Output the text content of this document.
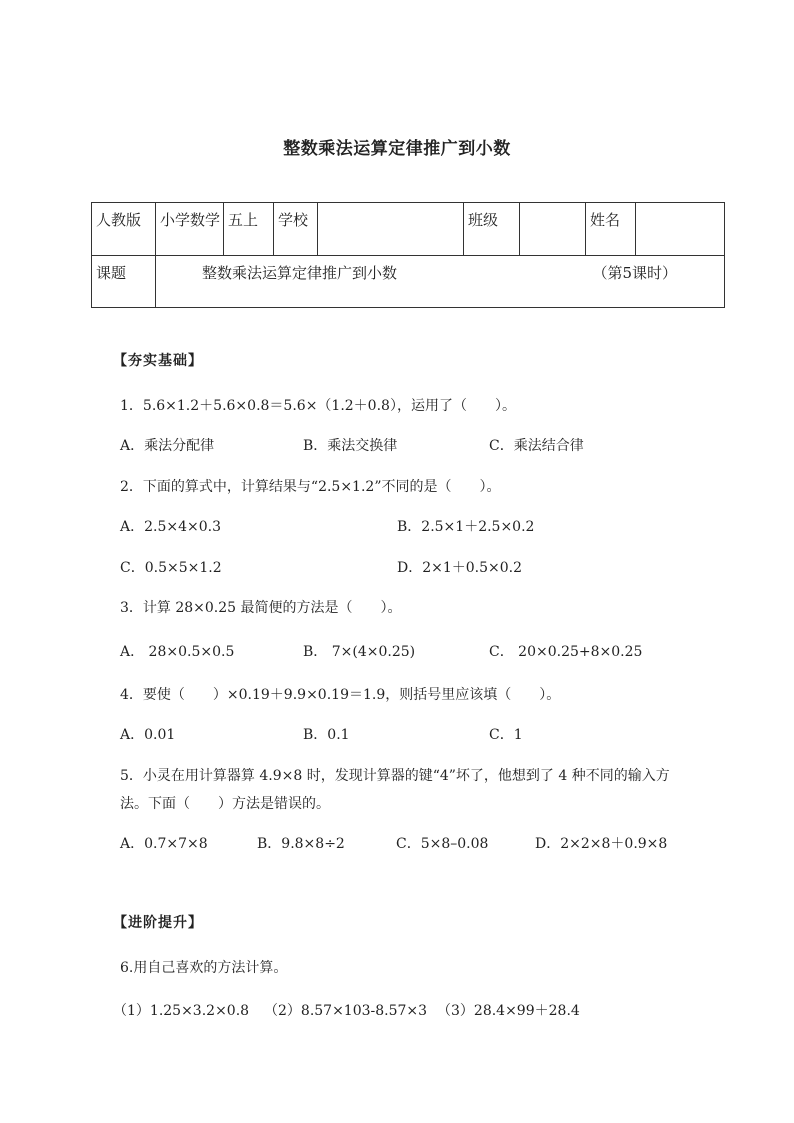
整数乘法运算定律推广到小数
人教版	小学数学	五上	学校		班级		姓名	
课题	整数乘法运算定律推广到小数 （第5课时）							
【夯实基础】
1．5.6×1.2＋5.6×0.8＝5.6×（1.2＋0.8），运用了（　　）。
A．乘法分配律	B．乘法交换律	C．乘法结合律
2．下面的算式中，计算结果与“2.5×1.2”不同的是（　　）。
A．2.5×4×0.3	B．2.5×1＋2.5×0.2
C．0.5×5×1.2	D．2×1＋0.5×0.2
3．计算 28×0.25 最简便的方法是（　　）。
A． 28×0.5×0.5	B． 7×(4×0.25)	C． 20×0.25+8×0.25
4．要使（　　）×0.19＋9.9×0.19＝1.9，则括号里应该填（　　）。
A．0.01	B．0.1	C．1
5．小灵在用计算器算 4.9×8 时，发现计算器的键“4”坏了，他想到了 4 种不同的输入方
法。下面（　　）方法是错误的。
A．0.7×7×8	B．9.8×8÷2	C．5×8–0.08	D．2×2×8＋0.9×8
【进阶提升】
6.用自己喜欢的方法计算。
（1）1.25×3.2×0.8 （2）8.57×103-8.57×3 （3）28.4×99＋28.4
